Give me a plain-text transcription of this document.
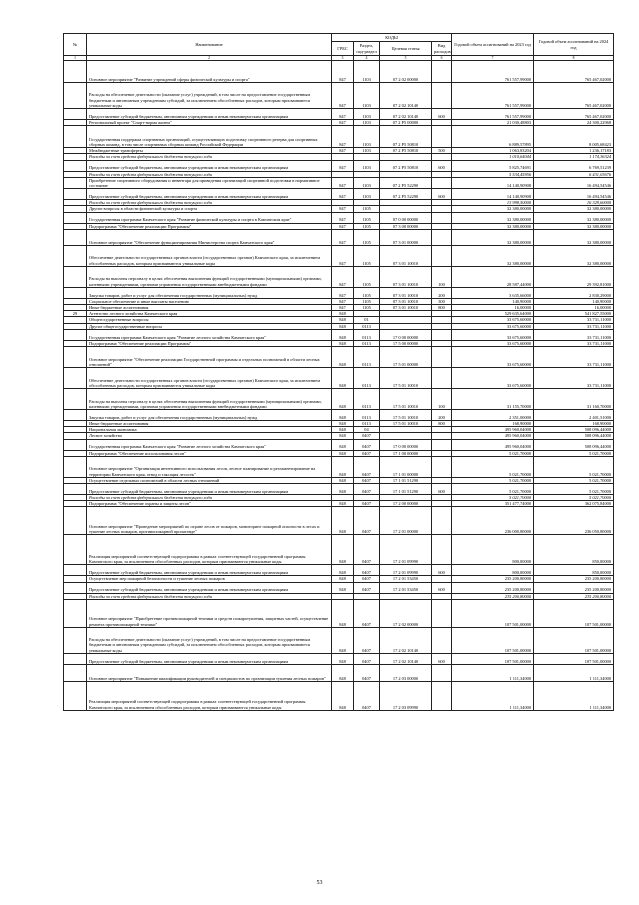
№	Наименование	КОДЫ				Годовой объем ассигнований на 2023 год	Годовой объем ассигнований на 2024 год
		ГРБС	Раздел, под-раздел	Целевая статья	Вид расходов		
1	2	3	4	5	6	7	8
	Основное мероприятие "Развитие учреждений сферы физической культуры и спорта"	847	1103	07 2 02 00000		761 557,99000	765 467,02000
	Расходы на обеспечение деятельности (оказание услуг) учреждений, в том числе на предоставление государственным бюджетным и автономным учреждениям субсидий, за исключением обособленных расходов, которым присваиваются уникальные коды	847	1103	07 2 02 10140		761 557,99000	765 467,02000
	Предоставление субсидий бюджетным, автономным учреждениям и иным некоммерческим организациям	847	1103	07 2 02 10140	600	761 557,99000	765 467,02000
	Региональный проект "Спорт-норма жизни"	847	1103	07 2 P5 00000		21 030,48803	24 300,22968
	Государственная поддержка спортивных организаций, осуществляющих подготовку спортивного резерва для спортивных сборных команд, в том числе спортивных сборных команд Российской Федерации	847	1103	07 2 P5 50810		6 889,57895	8 005,68423
	Межбюджетные трансферты	847	1103	07 2 P5 50810	500	1 063,83204	1 236,17183
	Расходы за счет средств федерального бюджета текущего года					1 010,64044	1 174,36324
	Предоставление субсидий бюджетным, автономным учреждениям и иным некоммерческим организациям	847	1103	07 2 P5 50810	600	5 825,74691	6 769,51239
	Расходы за счет средств федерального бюджета текущего года					5 534,45956	6 431,03676
	Приобретение спортивного оборудования и инвентаря для приведения организаций спортивной подготовки в нормативное состояние	847	1103	07 2 P5 52290		14 140,90908	16 494,54546
	Предоставление субсидий бюджетным, автономным учреждениям и иным некоммерческим организациям	847	1103	07 2 P5 52290	600	14 140,90908	16 494,54546
	Расходы за счет средств федерального бюджета текущего года					13 998,50000	16 329,60000
	Другие вопросы в области физической культуры и спорта	847	1105			32 380,00000	32 380,00000
	Государственная программа Камчатского края "Развитие физической культуры и спорта в Камчатском крае"	847	1105	07 0 00 00000		32 380,00000	32 380,00000
	Подпрограмма "Обеспечение реализации Программы"	847	1105	07 3 00 00000		32 380,00000	32 380,00000
	Основное мероприятие "Обеспечение функционирования Министерства спорта Камчатского края"	847	1105	07 3 01 00000		32 380,00000	32 380,00000
	Обеспечение деятельности государственных органов власти (государственных органов) Камчатского края, за исключением обособленных расходов, которым присваиваются уникальные коды	847	1105	07 3 01 10010		32 380,00000	32 380,00000
	Расходы на выплаты персоналу в целях обеспечения выполнения функций государственными (муниципальными) органами, казенными учреждениями, органами управления государственными внебюджетными фондами	847	1105	07 3 01 10010	100	28 587,44000	29 392,81000
	Закупка товаров, работ и услуг для обеспечения государственных (муниципальных) нужд	847	1105	07 3 01 10010	200	3 635,66000	2 830,29000
	Социальное обеспечение и иные выплаты населению	847	1105	07 3 01 10010	300	140,90000	140,90000
	Иные бюджетные ассигнования	847	1105	07 3 01 10010	800	16,00000	16,00000
29	Агентство лесного хозяйства Камчатского края	848				529 635,64000	541 827,55000
	Общегосударственные вопросы	848	01			33 675,60000	33 731,11000
	Другие общегосударственные вопросы	848	0113			33 675,60000	33 731,11000
	Государственная программа Камчатского края "Развитие лесного хозяйства Камчатского края"	848	0113	17 0 00 00000		33 675,60000	33 731,11000
	Подпрограмма "Обеспечение реализации Программы"	848	0113	17 5 00 00000		33 675,60000	33 731,11000
	Основное мероприятие "Обеспечение реализации Государственной программы и отдельных полномочий в области лесных отношений"	848	0113	17 5 01 00000		33 675,60000	33 731,11000
	Обеспечение деятельности государственных органов власти (государственных органов) Камчатского края, за исключением обособленных расходов, которым присваиваются уникальные коды	848	0113	17 5 01 10010		33 675,60000	33 731,11000
	Расходы на выплаты персоналу в целях обеспечения выполнения функций государственными (муниципальными) органами, казенными учреждениями, органами управления государственными внебюджетными фондами	848	0113	17 5 01 10010	100	31 155,70000	31 160,70000
	Закупка товаров, работ и услуг для обеспечения государственных (муниципальных) нужд	848	0113	17 5 01 10010	200	2 351,00000	2 401,51000
	Иные бюджетные ассигнования	848	0113	17 5 01 10010	800	168,90000	168,90000
	Национальная экономика	848	04			495 960,04000	508 096,44000
	Лесное хозяйство	848	0407			495 960,04000	508 096,44000
	Государственная программа Камчатского края "Развитие лесного хозяйства Камчатского края"	848	0407	17 0 00 00000		495 960,04000	508 096,44000
	Подпрограмма "Обеспечение использования лесов"	848	0407	17 1 00 00000		5 021,70000	5 021,70000
	Основное мероприятие "Организация интенсивного использования лесов, лесное планирование и регламентирование на территории Камчатского края, отвод и таксация лесосек"	848	0407	17 1 01 00000		5 021,70000	5 021,70000
	Осуществление отдельных полномочий в области лесных отношений	848	0407	17 1 01 51290		5 021,70000	5 021,70000
	Предоставление субсидий бюджетным, автономным учреждениям и иным некоммерческим организациям	848	0407	17 1 01 51290	600	5 021,70000	5 021,70000
	Расходы за счет средств федерального бюджета текущего года					5 021,70000	5 021,70000
	Подпрограмма "Обеспечение охраны и защиты лесов"	848	0407	17 2 00 00000		351 477,74000	362 075,84000
	Основное мероприятие "Проведение мероприятий по охране лесов от пожаров, мониторинг пожарной опасности в лесах и тушение лесных пожаров, противопожарной пропаганде"	848	0407	17 2 01 00000		236 000,80000	236 050,80000
	Реализация мероприятий соответствующей подпрограммы в рамках соответствующей государственной программы Камчатского края, за исключением обособленных расходов, которым присваиваются уникальные коды	848	0407	17 2 01 09990		800,00000	850,00000
	Предоставление субсидий бюджетным, автономным учреждениям и иным некоммерческим организациям	848	0407	17 2 01 09990	600	800,00000	850,00000
	Осуществление мер пожарной безопасности и тушение лесных пожаров	848	0407	17 2 01 53450		235 200,80000	235 200,80000
	Предоставление субсидий бюджетным, автономным учреждениям и иным некоммерческим организациям	848	0407	17 2 01 53450	600	235 200,80000	235 200,80000
	Расходы за счет средств федерального бюджета текущего года					235 200,80000	235 200,80000
	Основное мероприятие "Приобретение противопожарной техники и средств пожаротушения, защитных частей, осуществление ремонта противопожарной техники"	848	0407	17 2 02 00000		107 501,00000	107 501,00000
	Расходы на обеспечение деятельности (оказание услуг) учреждений, в том числе на предоставление государственным бюджетным и автономным учреждениям субсидий, за исключением обособленных расходов, которым присваиваются уникальные коды	848	0407	17 2 02 10140		107 501,00000	107 501,00000
	Предоставление субсидий бюджетным, автономным учреждениям и иным некоммерческим организациям	848	0407	17 2 02 10140	600	107 501,00000	107 501,00000
	Основное мероприятие "Повышение квалификации руководителей и специалистов по организации тушения лесных пожаров"	848	0407	17 2 03 00000		1 111,34000	1 111,34000
	Реализация мероприятий соответствующей подпрограммы в рамках соответствующей государственной программы Камчатского края, за исключением обособленных расходов, которым присваиваются уникальные коды	848	0407	17 2 03 09990		1 111,34000	1 111,34000
53
